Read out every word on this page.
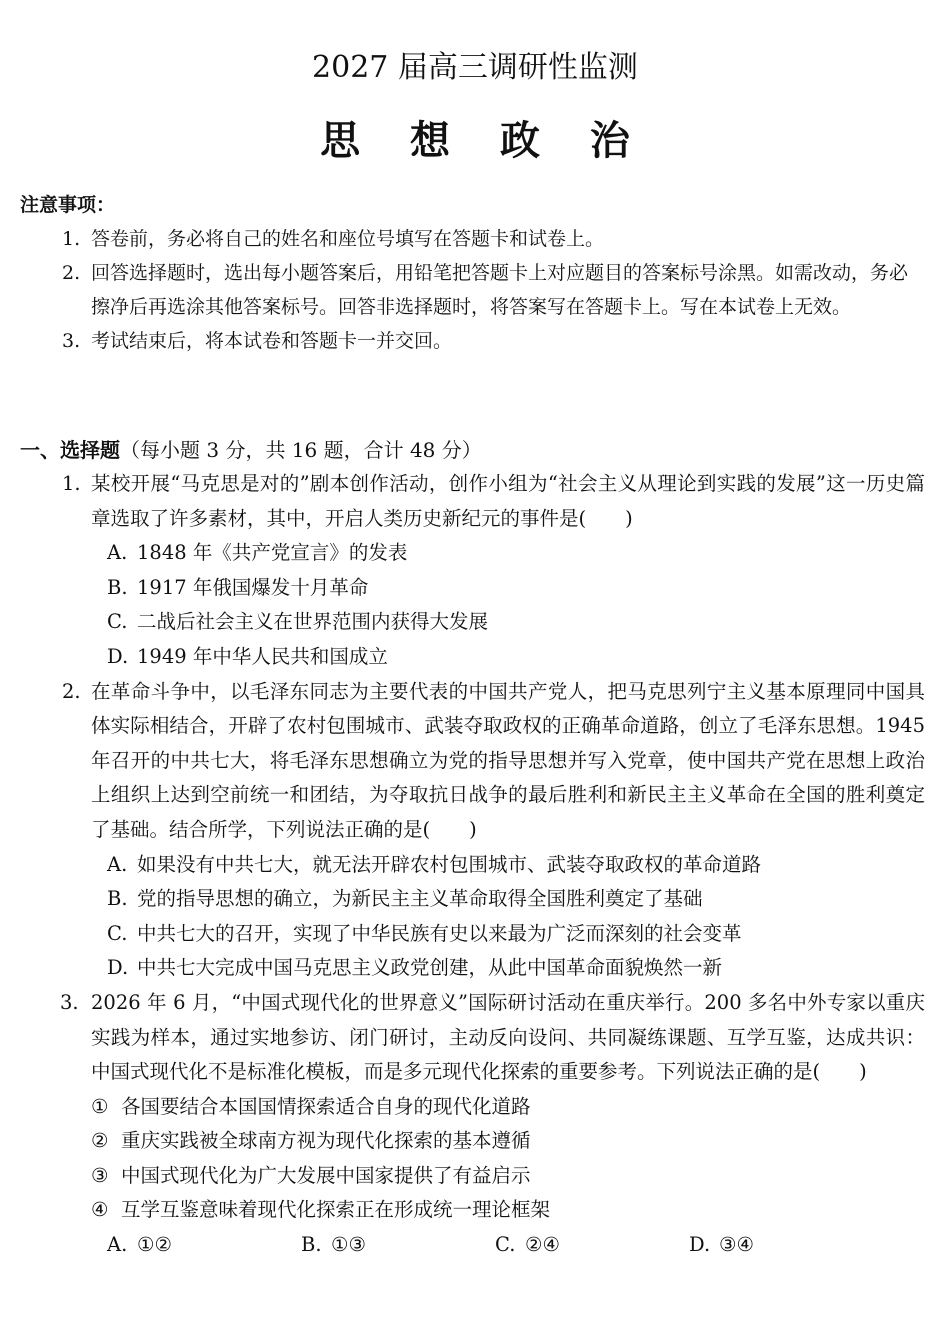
2027 届高三调研性监测
思 想 政 治
注意事项：
1. 答卷前，务必将自己的姓名和座位号填写在答题卡和试卷上。
2. 回答选择题时，选出每小题答案后，用铅笔把答题卡上对应题目的答案标号涂黑。如需改动，务必擦净后再选涂其他答案标号。回答非选择题时，将答案写在答题卡上。写在本试卷上无效。
3. 考试结束后，将本试卷和答题卡一并交回。
一、选择题（每小题 3 分，共 16 题，合计 48 分）
1. 某校开展“马克思是对的”剧本创作活动，创作小组为“社会主义从理论到实践的发展”这一历史篇章选取了许多素材，其中，开启人类历史新纪元的事件是(　　)
A. 1848 年《共产党宣言》的发表
B. 1917 年俄国爆发十月革命
C. 二战后社会主义在世界范围内获得大发展
D. 1949 年中华人民共和国成立
2. 在革命斗争中，以毛泽东同志为主要代表的中国共产党人，把马克思列宁主义基本原理同中国具体实际相结合，开辟了农村包围城市、武装夺取政权的正确革命道路，创立了毛泽东思想。1945 年召开的中共七大，将毛泽东思想确立为党的指导思想并写入党章，使中国共产党在思想上政治上组织上达到空前统一和团结，为夺取抗日战争的最后胜利和新民主主义革命在全国的胜利奠定了基础。结合所学，下列说法正确的是(　　)
A. 如果没有中共七大，就无法开辟农村包围城市、武装夺取政权的革命道路
B. 党的指导思想的确立，为新民主主义革命取得全国胜利奠定了基础
C. 中共七大的召开，实现了中华民族有史以来最为广泛而深刻的社会变革
D. 中共七大完成中国马克思主义政党创建，从此中国革命面貌焕然一新
3. 2026 年 6 月，“中国式现代化的世界意义”国际研讨活动在重庆举行。200 多名中外专家以重庆实践为样本，通过实地参访、闭门研讨，主动反向设问、共同凝练课题、互学互鉴，达成共识：中国式现代化不是标准化模板，而是多元现代化探索的重要参考。下列说法正确的是(　　)
① 各国要结合本国国情探索适合自身的现代化道路
② 重庆实践被全球南方视为现代化探索的基本遵循
③ 中国式现代化为广大发展中国家提供了有益启示
④ 互学互鉴意味着现代化探索正在形成统一理论框架
A. ①②	B. ①③	C. ②④	D. ③④
